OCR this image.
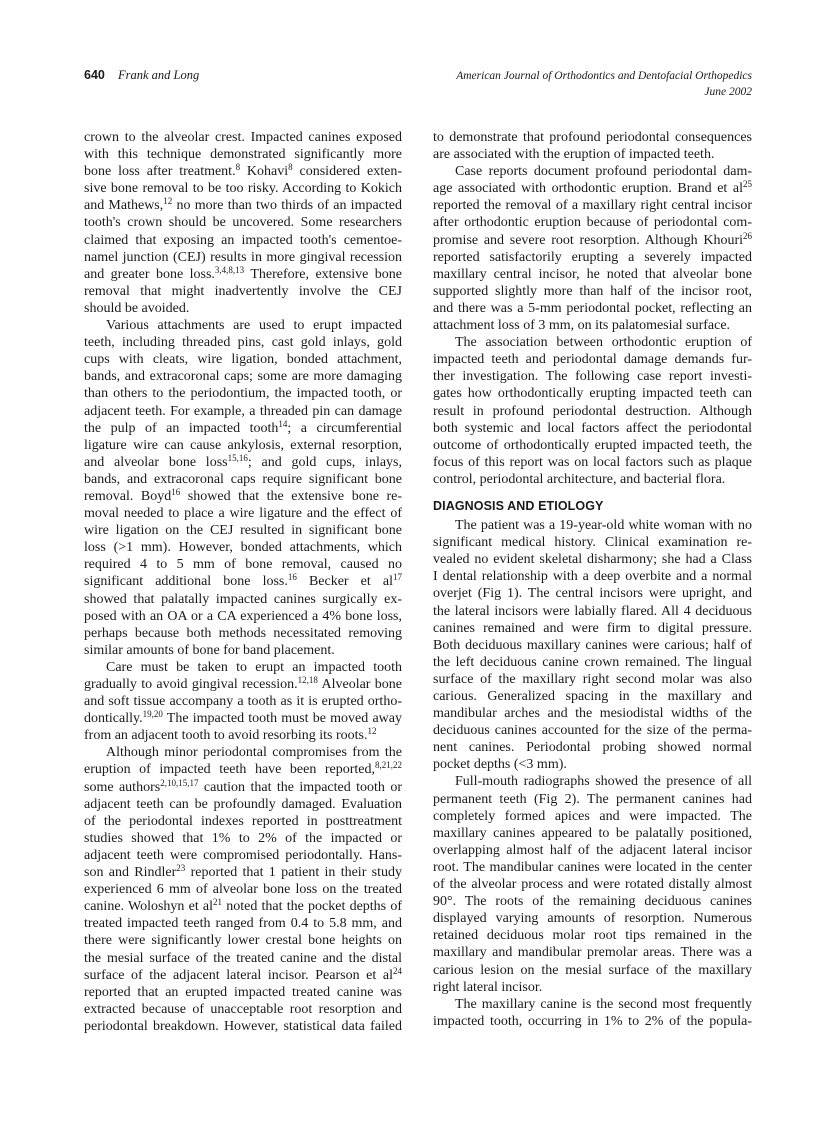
640 Frank and Long	American Journal of Orthodontics and Dentofacial Orthopedics
June 2002
crown to the alveolar crest. Impacted canines exposed
with this technique demonstrated significantly more
bone loss after treatment.$^8$ Kohavi$^8$ considered exten-
sive bone removal to be too risky. According to Kokich
and Mathews,$^{12}$ no more than two thirds of an impacted
tooth's crown should be uncovered. Some researchers
claimed that exposing an impacted tooth's cementoe-
namel junction (CEJ) results in more gingival recession
and greater bone loss.$^{3,4,8,13}$ Therefore, extensive bone
removal that might inadvertently involve the CEJ
should be avoided.
Various attachments are used to erupt impacted
teeth, including threaded pins, cast gold inlays, gold
cups with cleats, wire ligation, bonded attachment,
bands, and extracoronal caps; some are more damaging
than others to the periodontium, the impacted tooth, or
adjacent teeth. For example, a threaded pin can damage
the pulp of an impacted tooth$^{14}$; a circumferential
ligature wire can cause ankylosis, external resorption,
and alveolar bone loss$^{15,16}$; and gold cups, inlays,
bands, and extracoronal caps require significant bone
removal. Boyd$^{16}$ showed that the extensive bone re-
moval needed to place a wire ligature and the effect of
wire ligation on the CEJ resulted in significant bone
loss (>1 mm). However, bonded attachments, which
required 4 to 5 mm of bone removal, caused no
significant additional bone loss.$^{16}$ Becker et $al^{17}$
showed that palatally impacted canines surgically ex-
posed with an OA or a CA experienced a 4% bone loss,
perhaps because both methods necessitated removing
similar amounts of bone for band placement.
Care must be taken to erupt an impacted tooth
gradually to avoid gingival recession.$^{12,18}$ Alveolar bone
and soft tissue accompany a tooth as it is erupted ortho-
dontically.$^{19,20}$ The impacted tooth must be moved away
from an adjacent tooth to avoid resorbing its roots.$^{12}$
Although minor periodontal compromises from the
eruption of impacted teeth have been reported,$^{8,21,22}$
some authors$^{2,10,15,17}$ caution that the impacted tooth or
adjacent teeth can be profoundly damaged. Evaluation
of the periodontal indexes reported in posttreatment
studies showed that 1% to 2% of the impacted or
adjacent teeth were compromised periodontally. Hans-
son and Rindler$^{23}$ reported that 1 patient in their study
experienced 6 mm of alveolar bone loss on the treated
canine. Woloshyn et $al^{21}$ noted that the pocket depths of
treated impacted teeth ranged from 0.4 to 5.8 mm, and
there were significantly lower crestal bone heights on
the mesial surface of the treated canine and the distal
surface of the adjacent lateral incisor. Pearson et $al^{24}$
reported that an erupted impacted treated canine was
extracted because of unacceptable root resorption and
periodontal breakdown. However, statistical data failed
to demonstrate that profound periodontal consequences
are associated with the eruption of impacted teeth.
Case reports document profound periodontal dam-
age associated with orthodontic eruption. Brand et $al^{25}$
reported the removal of a maxillary right central incisor
after orthodontic eruption because of periodontal com-
promise and severe root resorption. Although Khouri$^{26}$
reported satisfactorily erupting a severely impacted
maxillary central incisor, he noted that alveolar bone
supported slightly more than half of the incisor root,
and there was a 5-mm periodontal pocket, reflecting an
attachment loss of 3 mm, on its palatomesial surface.
The association between orthodontic eruption of
impacted teeth and periodontal damage demands fur-
ther investigation. The following case report investi-
gates how orthodontically erupting impacted teeth can
result in profound periodontal destruction. Although
both systemic and local factors affect the periodontal
outcome of orthodontically erupted impacted teeth, the
focus of this report was on local factors such as plaque
control, periodontal architecture, and bacterial flora.
DIAGNOSIS AND ETIOLOGY
The patient was a 19-year-old white woman with no
significant medical history. Clinical examination re-
vealed no evident skeletal disharmony; she had a Class
I dental relationship with a deep overbite and a normal
overjet (Fig 1). The central incisors were upright, and
the lateral incisors were labially flared. All 4 deciduous
canines remained and were firm to digital pressure.
Both deciduous maxillary canines were carious; half of
the left deciduous canine crown remained. The lingual
surface of the maxillary right second molar was also
carious. Generalized spacing in the maxillary and
mandibular arches and the mesiodistal widths of the
deciduous canines accounted for the size of the perma-
nent canines. Periodontal probing showed normal
pocket depths (<3 mm).
Full-mouth radiographs showed the presence of all
permanent teeth (Fig 2). The permanent canines had
completely formed apices and were impacted. The
maxillary canines appeared to be palatally positioned,
overlapping almost half of the adjacent lateral incisor
root. The mandibular canines were located in the center
of the alveolar process and were rotated distally almost
90°. The roots of the remaining deciduous canines
displayed varying amounts of resorption. Numerous
retained deciduous molar root tips remained in the
maxillary and mandibular premolar areas. There was a
carious lesion on the mesial surface of the maxillary
right lateral incisor.
The maxillary canine is the second most frequently
impacted tooth, occurring in 1% to 2% of the popula-
